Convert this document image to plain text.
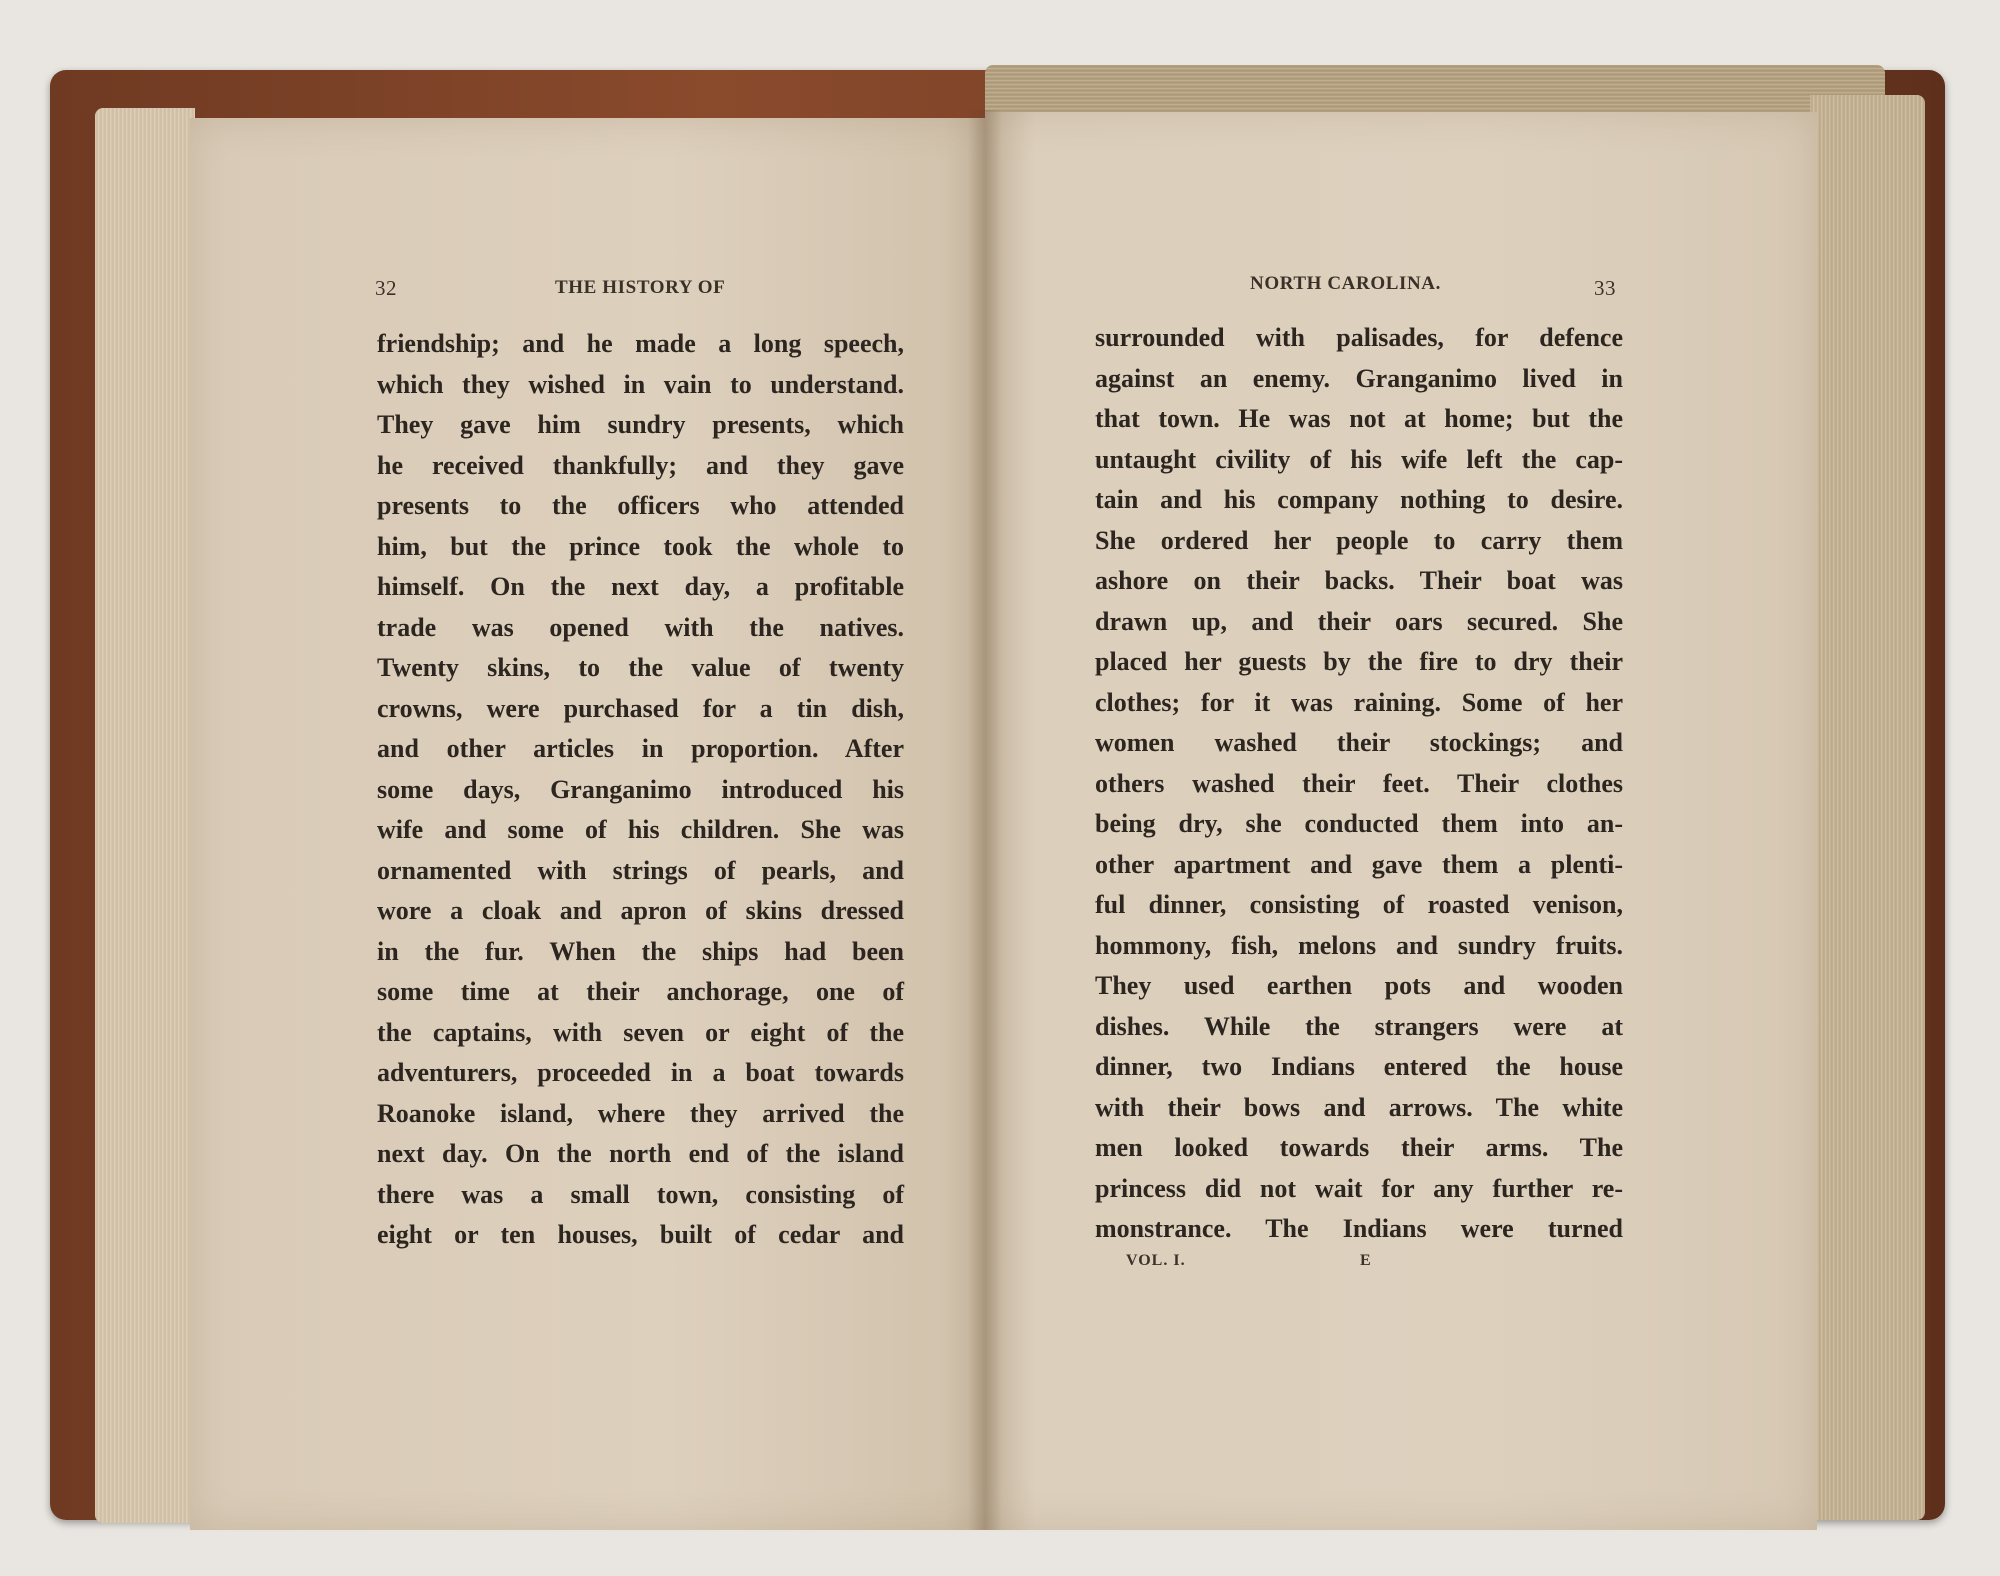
32	THE HISTORY OF	NORTH CAROLINA.	33
friendship; and he made a long speech,
which they wished in vain to understand.
They gave him sundry presents, which
he received thankfully; and they gave
presents to the officers who attended
him, but the prince took the whole to
himself. On the next day, a profitable
trade was opened with the natives.
Twenty skins, to the value of twenty
crowns, were purchased for a tin dish,
and other articles in proportion. After
some days, Granganimo introduced his
wife and some of his children. She was
ornamented with strings of pearls, and
wore a cloak and apron of skins dressed
in the fur. When the ships had been
some time at their anchorage, one of
the captains, with seven or eight of the
adventurers, proceeded in a boat towards
Roanoke island, where they arrived the
next day. On the north end of the island
there was a small town, consisting of
eight or ten houses, built of cedar and
surrounded with palisades, for defence
against an enemy. Granganimo lived in
that town. He was not at home; but the
untaught civility of his wife left the cap-
tain and his company nothing to desire.
She ordered her people to carry them
ashore on their backs. Their boat was
drawn up, and their oars secured. She
placed her guests by the fire to dry their
clothes; for it was raining. Some of her
women washed their stockings; and
others washed their feet. Their clothes
being dry, she conducted them into an-
other apartment and gave them a plenti-
ful dinner, consisting of roasted venison,
hommony, fish, melons and sundry fruits.
They used earthen pots and wooden
dishes. While the strangers were at
dinner, two Indians entered the house
with their bows and arrows. The white
men looked towards their arms. The
princess did not wait for any further re-
monstrance. The Indians were turned
VOL. I.	E
